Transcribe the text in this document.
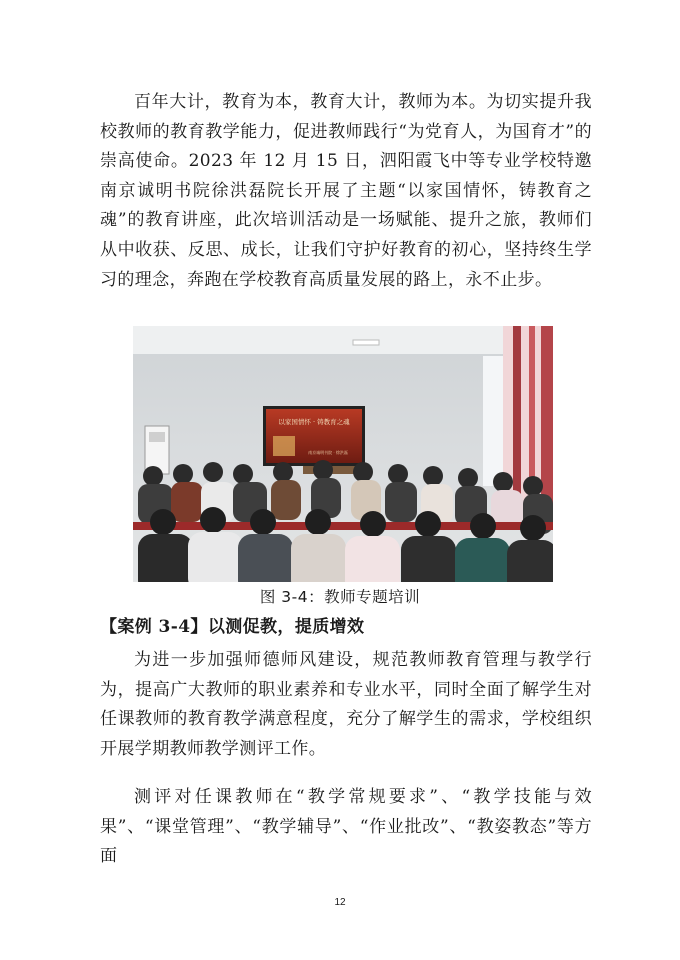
百年大计，教育为本，教育大计，教师为本。为切实提升我校教师的教育教学能力，促进教师践行“为党育人，为国育才”的崇高使命。2023 年 12 月 15 日，泗阳霞飞中等专业学校特邀南京诚明书院徐洪磊院长开展了主题“以家国情怀，铸教育之魂”的教育讲座，此次培训活动是一场赋能、提升之旅，教师们从中收获、反思、成长，让我们守护好教育的初心，坚持终生学习的理念，奔跑在学校教育高质量发展的路上，永不止步。

以家国情怀 · 铸教育之魂
南京诚明书院 · 徐洪磊
图 3-4：教师专题培训
【案例 3-4】以测促教，提质增效

为进一步加强师德师风建设，规范教师教育管理与教学行为，提高广大教师的职业素养和专业水平，同时全面了解学生对任课教师的教育教学满意程度，充分了解学生的需求，学校组织开展学期教师教学测评工作。

测评对任课教师在“教学常规要求”、“教学技能与效果”、“课堂管理”、“教学辅导”、“作业批改”、“教姿教态”等方面

12
